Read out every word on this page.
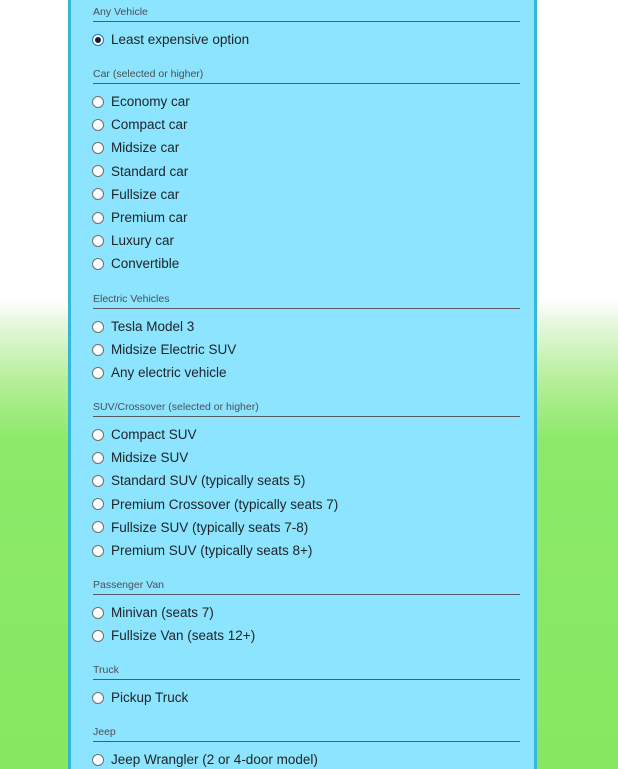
Any Vehicle
Least expensive option
Car (selected or higher)
Economy car
Compact car
Midsize car
Standard car
Fullsize car
Premium car
Luxury car
Convertible
Electric Vehicles
Tesla Model 3
Midsize Electric SUV
Any electric vehicle
SUV/Crossover (selected or higher)
Compact SUV
Midsize SUV
Standard SUV (typically seats 5)
Premium Crossover (typically seats 7)
Fullsize SUV (typically seats 7-8)
Premium SUV (typically seats 8+)
Passenger Van
Minivan (seats 7)
Fullsize Van (seats 12+)
Truck
Pickup Truck
Jeep
Jeep Wrangler (2 or 4-door model)
